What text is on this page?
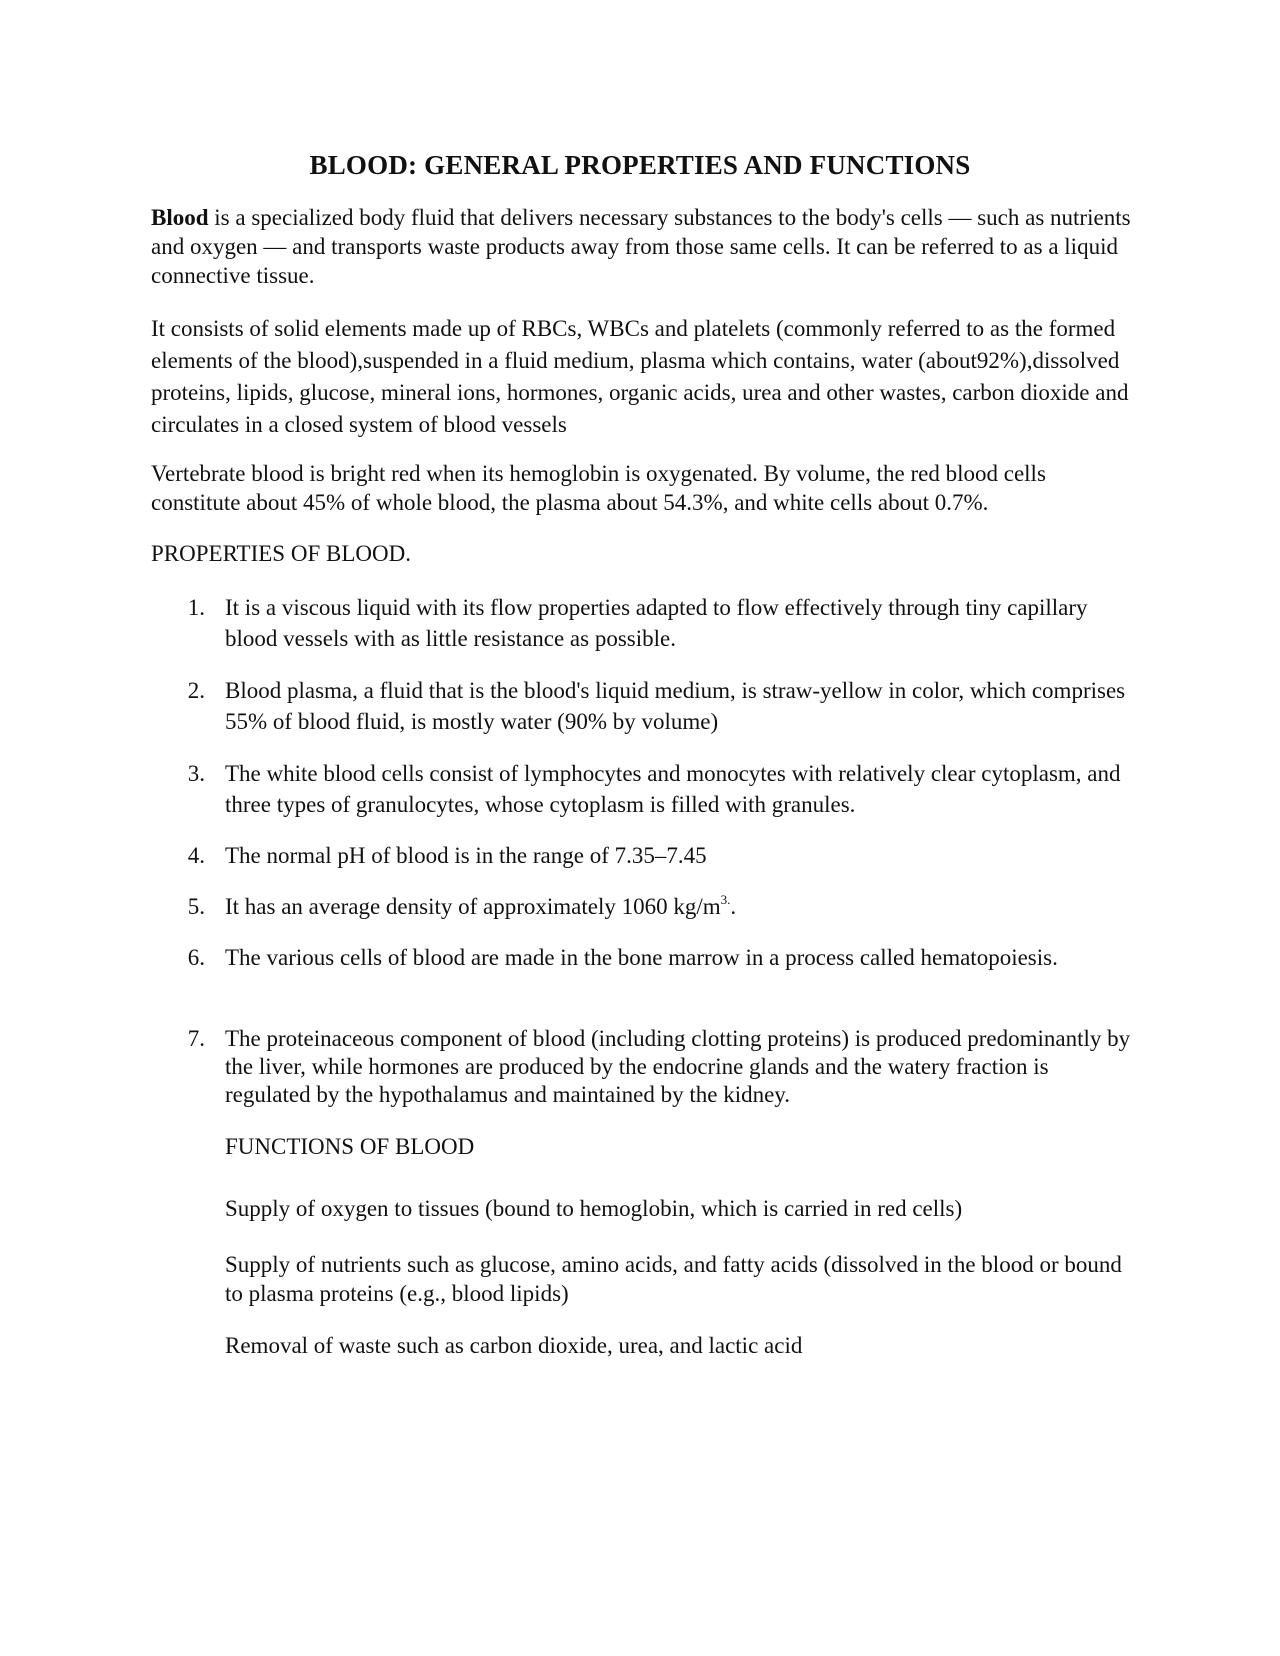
BLOOD: GENERAL PROPERTIES AND FUNCTIONS

Blood is a specialized body fluid that delivers necessary substances to the body's cells — such as nutrients and oxygen — and transports waste products away from those same cells. It can be referred to as a liquid connective tissue.

It consists of solid elements made up of RBCs, WBCs and platelets (commonly referred to as the formed elements of the blood),suspended in a fluid medium, plasma which contains, water (about92%),dissolved proteins, lipids, glucose, mineral ions, hormones, organic acids, urea and other wastes, carbon dioxide and circulates in a closed system of blood vessels

Vertebrate blood is bright red when its hemoglobin is oxygenated. By volume, the red blood cells constitute about 45% of whole blood, the plasma about 54.3%, and white cells about 0.7%.

PROPERTIES OF BLOOD.

1. It is a viscous liquid with its flow properties adapted to flow effectively through tiny capillary blood vessels with as little resistance as possible.
2. Blood plasma, a fluid that is the blood's liquid medium, is straw-yellow in color, which comprises 55% of blood fluid, is mostly water (90% by volume)
3. The white blood cells consist of lymphocytes and monocytes with relatively clear cytoplasm, and three types of granulocytes, whose cytoplasm is filled with granules.
4. The normal pH of blood is in the range of 7.35–7.45
5. It has an average density of approximately 1060 $kg/m^{3.}$.
6. The various cells of blood are made in the bone marrow in a process called hematopoiesis.
7. The proteinaceous component of blood (including clotting proteins) is produced predominantly by the liver, while hormones are produced by the endocrine glands and the watery fraction is regulated by the hypothalamus and maintained by the kidney.

FUNCTIONS OF BLOOD

Supply of oxygen to tissues (bound to hemoglobin, which is carried in red cells)

Supply of nutrients such as glucose, amino acids, and fatty acids (dissolved in the blood or bound to plasma proteins (e.g., blood lipids)

Removal of waste such as carbon dioxide, urea, and lactic acid
